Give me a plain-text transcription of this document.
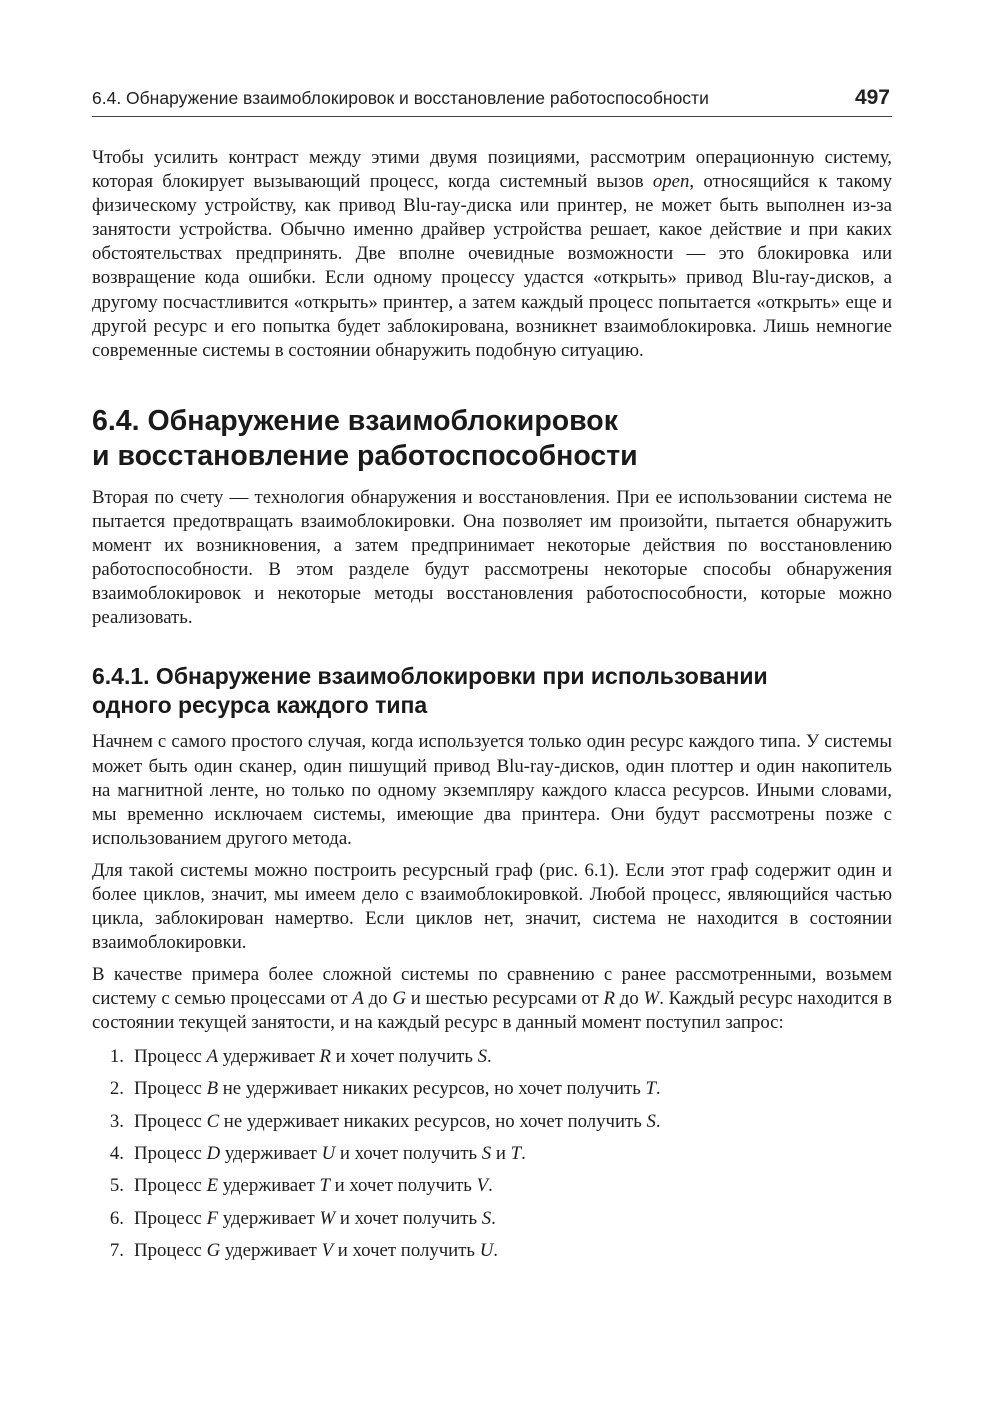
6.4. Обнаружение взаимоблокировок и восстановление работоспособности	497

Чтобы усилить контраст между этими двумя позициями, рассмотрим операционную систему, которая блокирует вызывающий процесс, когда системный вызов open, относящийся к такому физическому устройству, как привод Blu-ray-диска или принтер, не может быть выполнен из-за занятости устройства. Обычно именно драйвер устройства решает, какое действие и при каких обстоятельствах предпринять. Две вполне очевидные возможности — это блокировка или возвращение кода ошибки. Если одному процессу удастся «открыть» привод Blu-ray-дисков, а другому посчастливится «открыть» принтер, а затем каждый процесс попытается «открыть» еще и другой ресурс и его попытка будет заблокирована, возникнет взаимоблокировка. Лишь немногие современные системы в состоянии обнаружить подобную ситуацию.

6.4. Обнаружение взаимоблокировок
и восстановление работоспособности

Вторая по счету — технология обнаружения и восстановления. При ее использовании система не пытается предотвращать взаимоблокировки. Она позволяет им произойти, пытается обнаружить момент их возникновения, а затем предпринимает некоторые действия по восстановлению работоспособности. В этом разделе будут рассмотрены некоторые способы обнаружения взаимоблокировок и некоторые методы восстановления работоспособности, которые можно реализовать.

6.4.1. Обнаружение взаимоблокировки при использовании
одного ресурса каждого типа

Начнем с самого простого случая, когда используется только один ресурс каждого типа. У системы может быть один сканер, один пишущий привод Blu-ray-дисков, один плоттер и один накопитель на магнитной ленте, но только по одному экземпляру каждого класса ресурсов. Иными словами, мы временно исключаем системы, имеющие два принтера. Они будут рассмотрены позже с использованием другого метода.

Для такой системы можно построить ресурсный граф (рис. 6.1). Если этот граф содержит один и более циклов, значит, мы имеем дело с взаимоблокировкой. Любой процесс, являющийся частью цикла, заблокирован намертво. Если циклов нет, значит, система не находится в состоянии взаимоблокировки.

В качестве примера более сложной системы по сравнению с ранее рассмотренными, возьмем систему с семью процессами от A до G и шестью ресурсами от R до W. Каждый ресурс находится в состоянии текущей занятости, и на каждый ресурс в данный момент поступил запрос:

1. Процесс A удерживает R и хочет получить S.
2. Процесс B не удерживает никаких ресурсов, но хочет получить T.
3. Процесс C не удерживает никаких ресурсов, но хочет получить S.
4. Процесс D удерживает U и хочет получить S и T.
5. Процесс E удерживает T и хочет получить V.
6. Процесс F удерживает W и хочет получить S.
7. Процесс G удерживает V и хочет получить U.
